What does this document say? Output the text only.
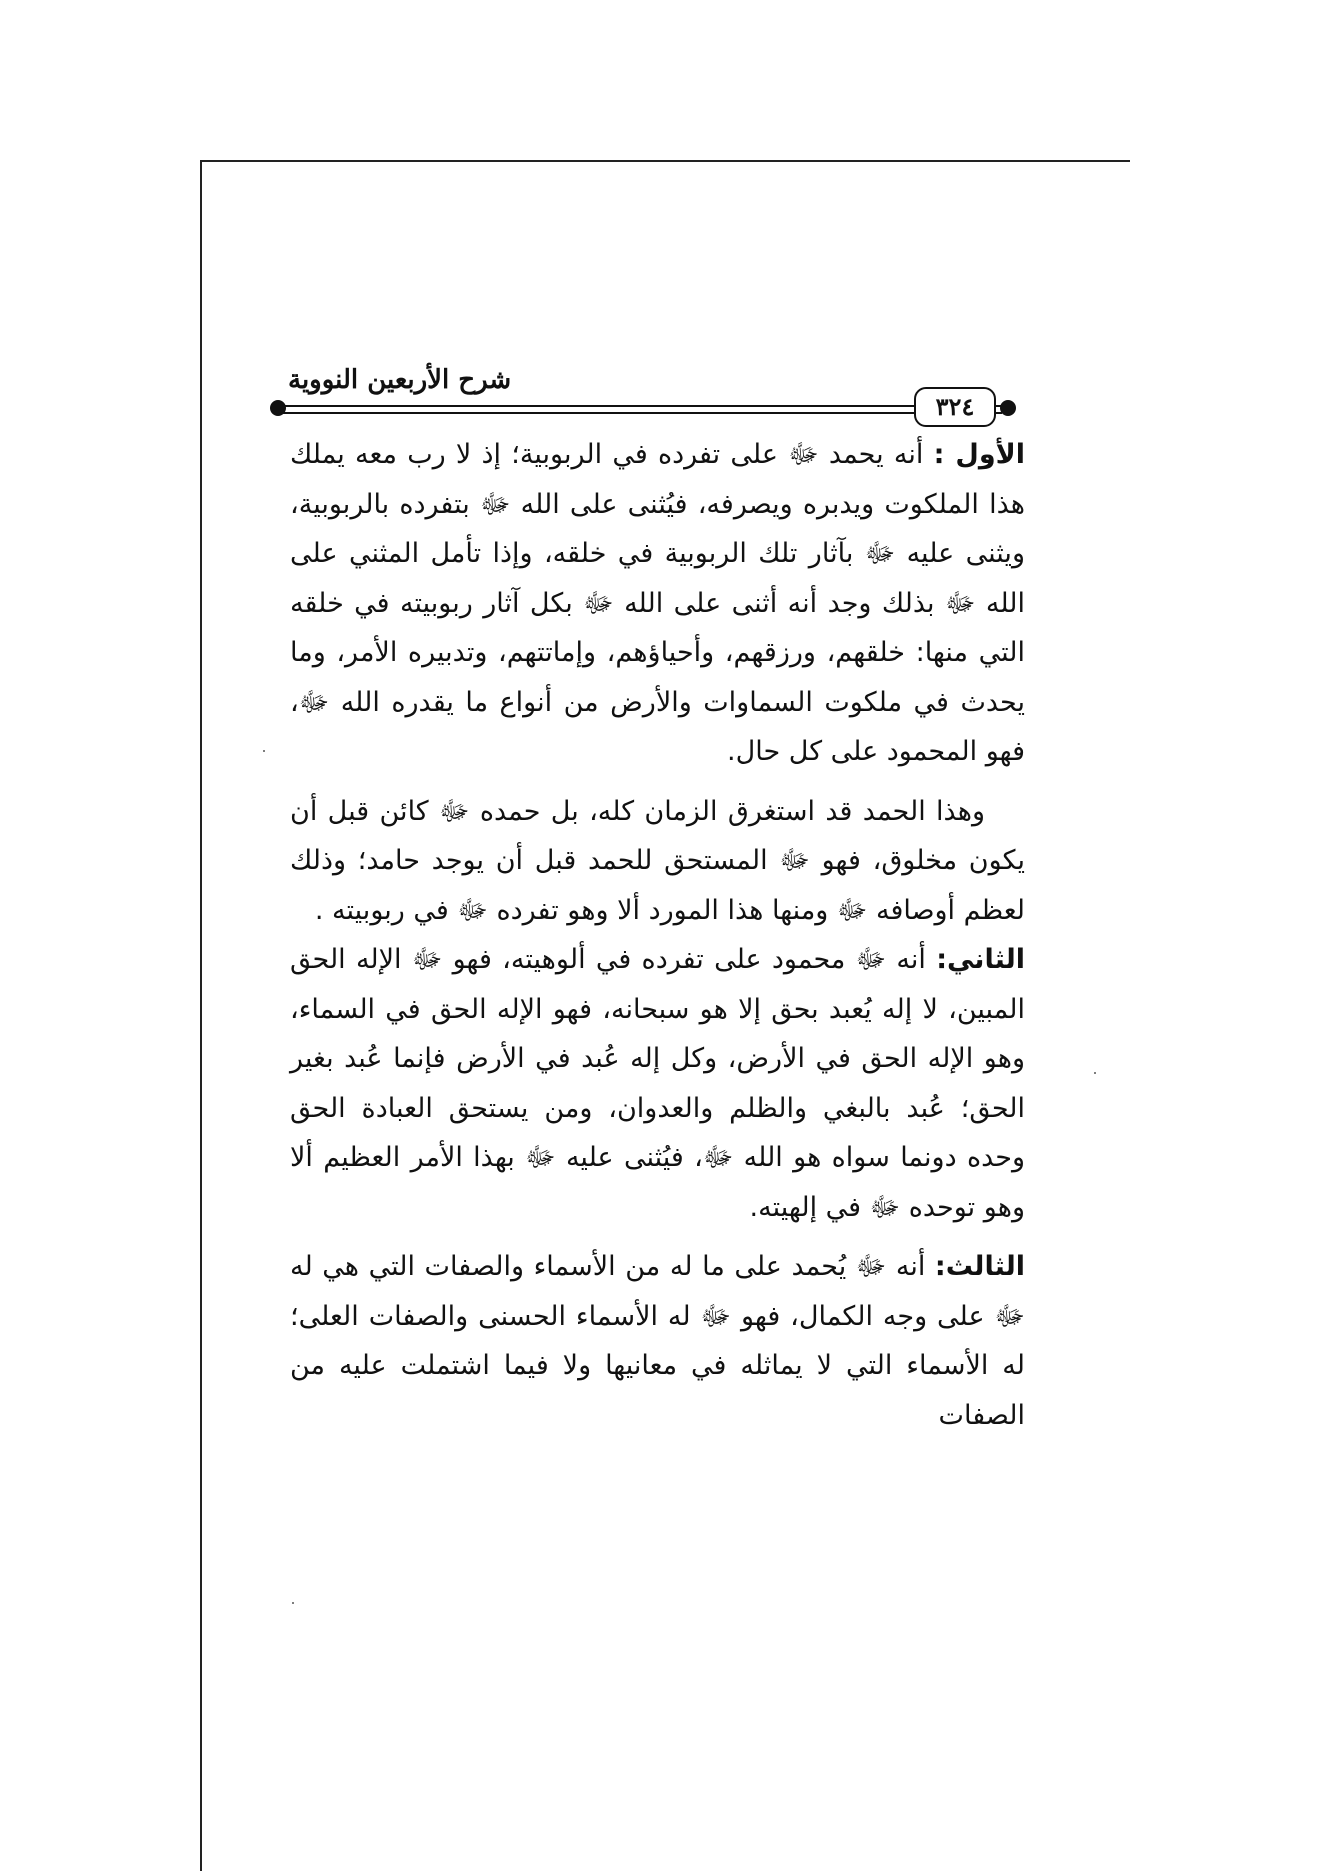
شرح الأربعين النووية
٣٢٤

الأول : أنه يحمد ﷻ على تفرده في الربوبية؛ إذ لا رب معه يملك هذا الملكوت ويدبره ويصرفه، فيُثنى على الله ﷻ بتفرده بالربوبية، ويثنى عليه ﷻ بآثار تلك الربوبية في خلقه، وإذا تأمل المثني على الله ﷻ بذلك وجد أنه أثنى على الله ﷻ بكل آثار ربوبيته في خلقه التي منها: خلقهم، ورزقهم، وأحياؤهم، وإماتتهم، وتدبيره الأمر، وما يحدث في ملكوت السماوات والأرض من أنواع ما يقدره الله ﷻ، فهو المحمود على كل حال.

وهذا الحمد قد استغرق الزمان كله، بل حمده ﷻ كائن قبل أن يكون مخلوق، فهو ﷻ المستحق للحمد قبل أن يوجد حامد؛ وذلك لعظم أوصافه ﷻ ومنها هذا المورد ألا وهو تفرده ﷻ في ربوبيته .

الثاني: أنه ﷻ محمود على تفرده في ألوهيته، فهو ﷻ الإله الحق المبين، لا إله يُعبد بحق إلا هو سبحانه، فهو الإله الحق في السماء، وهو الإله الحق في الأرض، وكل إله عُبد في الأرض فإنما عُبد بغير الحق؛ عُبد بالبغي والظلم والعدوان، ومن يستحق العبادة الحق وحده دونما سواه هو الله ﷻ، فيُثنى عليه ﷻ بهذا الأمر العظيم ألا وهو توحده ﷻ في إلهيته.

الثالث: أنه ﷻ يُحمد على ما له من الأسماء والصفات التي هي له ﷻ على وجه الكمال، فهو ﷻ له الأسماء الحسنى والصفات العلى؛ له الأسماء التي لا يماثله في معانيها ولا فيما اشتملت عليه من الصفات
